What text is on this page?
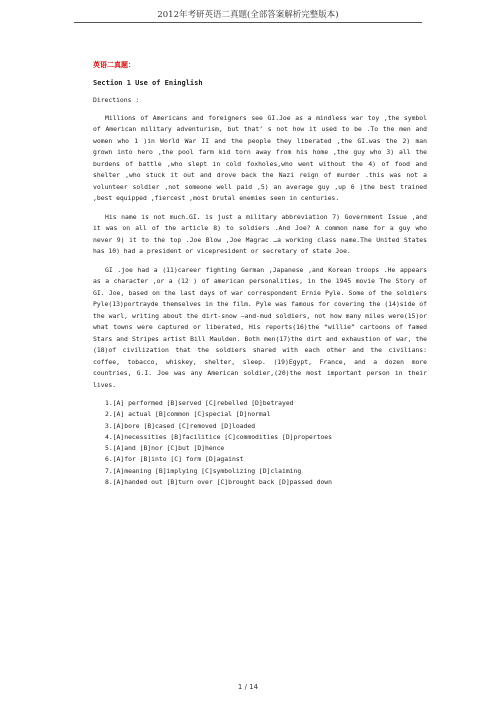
2012年考研英语二真题(全部答案解析完整版本)

英语二真题：

Section 1 Use of Eninglish

Directions :

Millions of Americans and foreigners see GI.Joe as a mindless war toy ,the symbol of American military adventurism, but that’ s not how it used to be .To the men and women who 1 )in World War II and the people they liberated ,the GI.was the 2) man grown into hero ,the pool farm kid torn away from his home ,the guy who 3) all the burdens of battle ,who slept in cold foxholes,who went without the 4) of food and shelter ,who stuck it out and drove back the Nazi reign of murder .this was not a volunteer soldier ,not someone well paid ,5) an average guy ,up 6 )the best trained ,best equipped ,fiercest ,most brutal enemies seen in centuries.

His name is not much.GI. is just a military abbreviation 7) Government Issue ,and it was on all of the article 8) to soldiers .And Joe? A common name for a guy who never 9) it to the top .Joe Blow ,Joe Magrac …a working class name.The United States has 10) had a president or vicepresident or secretary of state Joe.

GI .joe had a (11)career fighting German ,Japanese ,and Korean troops .He appears as a character ,or a (12 ) of american personalities, in the 1945 movie The Story of GI. Joe, based on the last days of war correspondent Ernie Pyle. Some of the soldiers Pyle(13)portrayde themselves in the film. Pyle was famous for covering the (14)side of the warl, writing about the dirt-snow –and-mud soldiers, not how many miles were(15)or what towns were captured or liberated, His reports(16)the “willie” cartoons of famed Stars and Stripes artist Bill Maulden. Both men(17)the dirt and exhaustion of war, the (18)of civilization that the soldiers shared with each other and the civilians: coffee, tobacco, whiskey, shelter, sleep. (19)Egypt, France, and a dozen more countries, G.I. Joe was any American soldier,(20)the most important person in their lives.

1.[A] performed [B]served [C]rebelled [D]betrayed
2.[A] actual [B]common [C]special [D]normal
3.[A]bore [B]cased [C]removed [D]loaded
4.[A]necessities [B]facilitice [C]commodities [D]propertoes
5.[A]and [B]nor [C]but [D]hence
6.[A]for [B]into [C] form [D]against
7.[A]meaning [B]implying [C]symbolizing [D]claiming
8.[A]handed out [B]turn over [C]brought back [D]passed down
1 / 14
